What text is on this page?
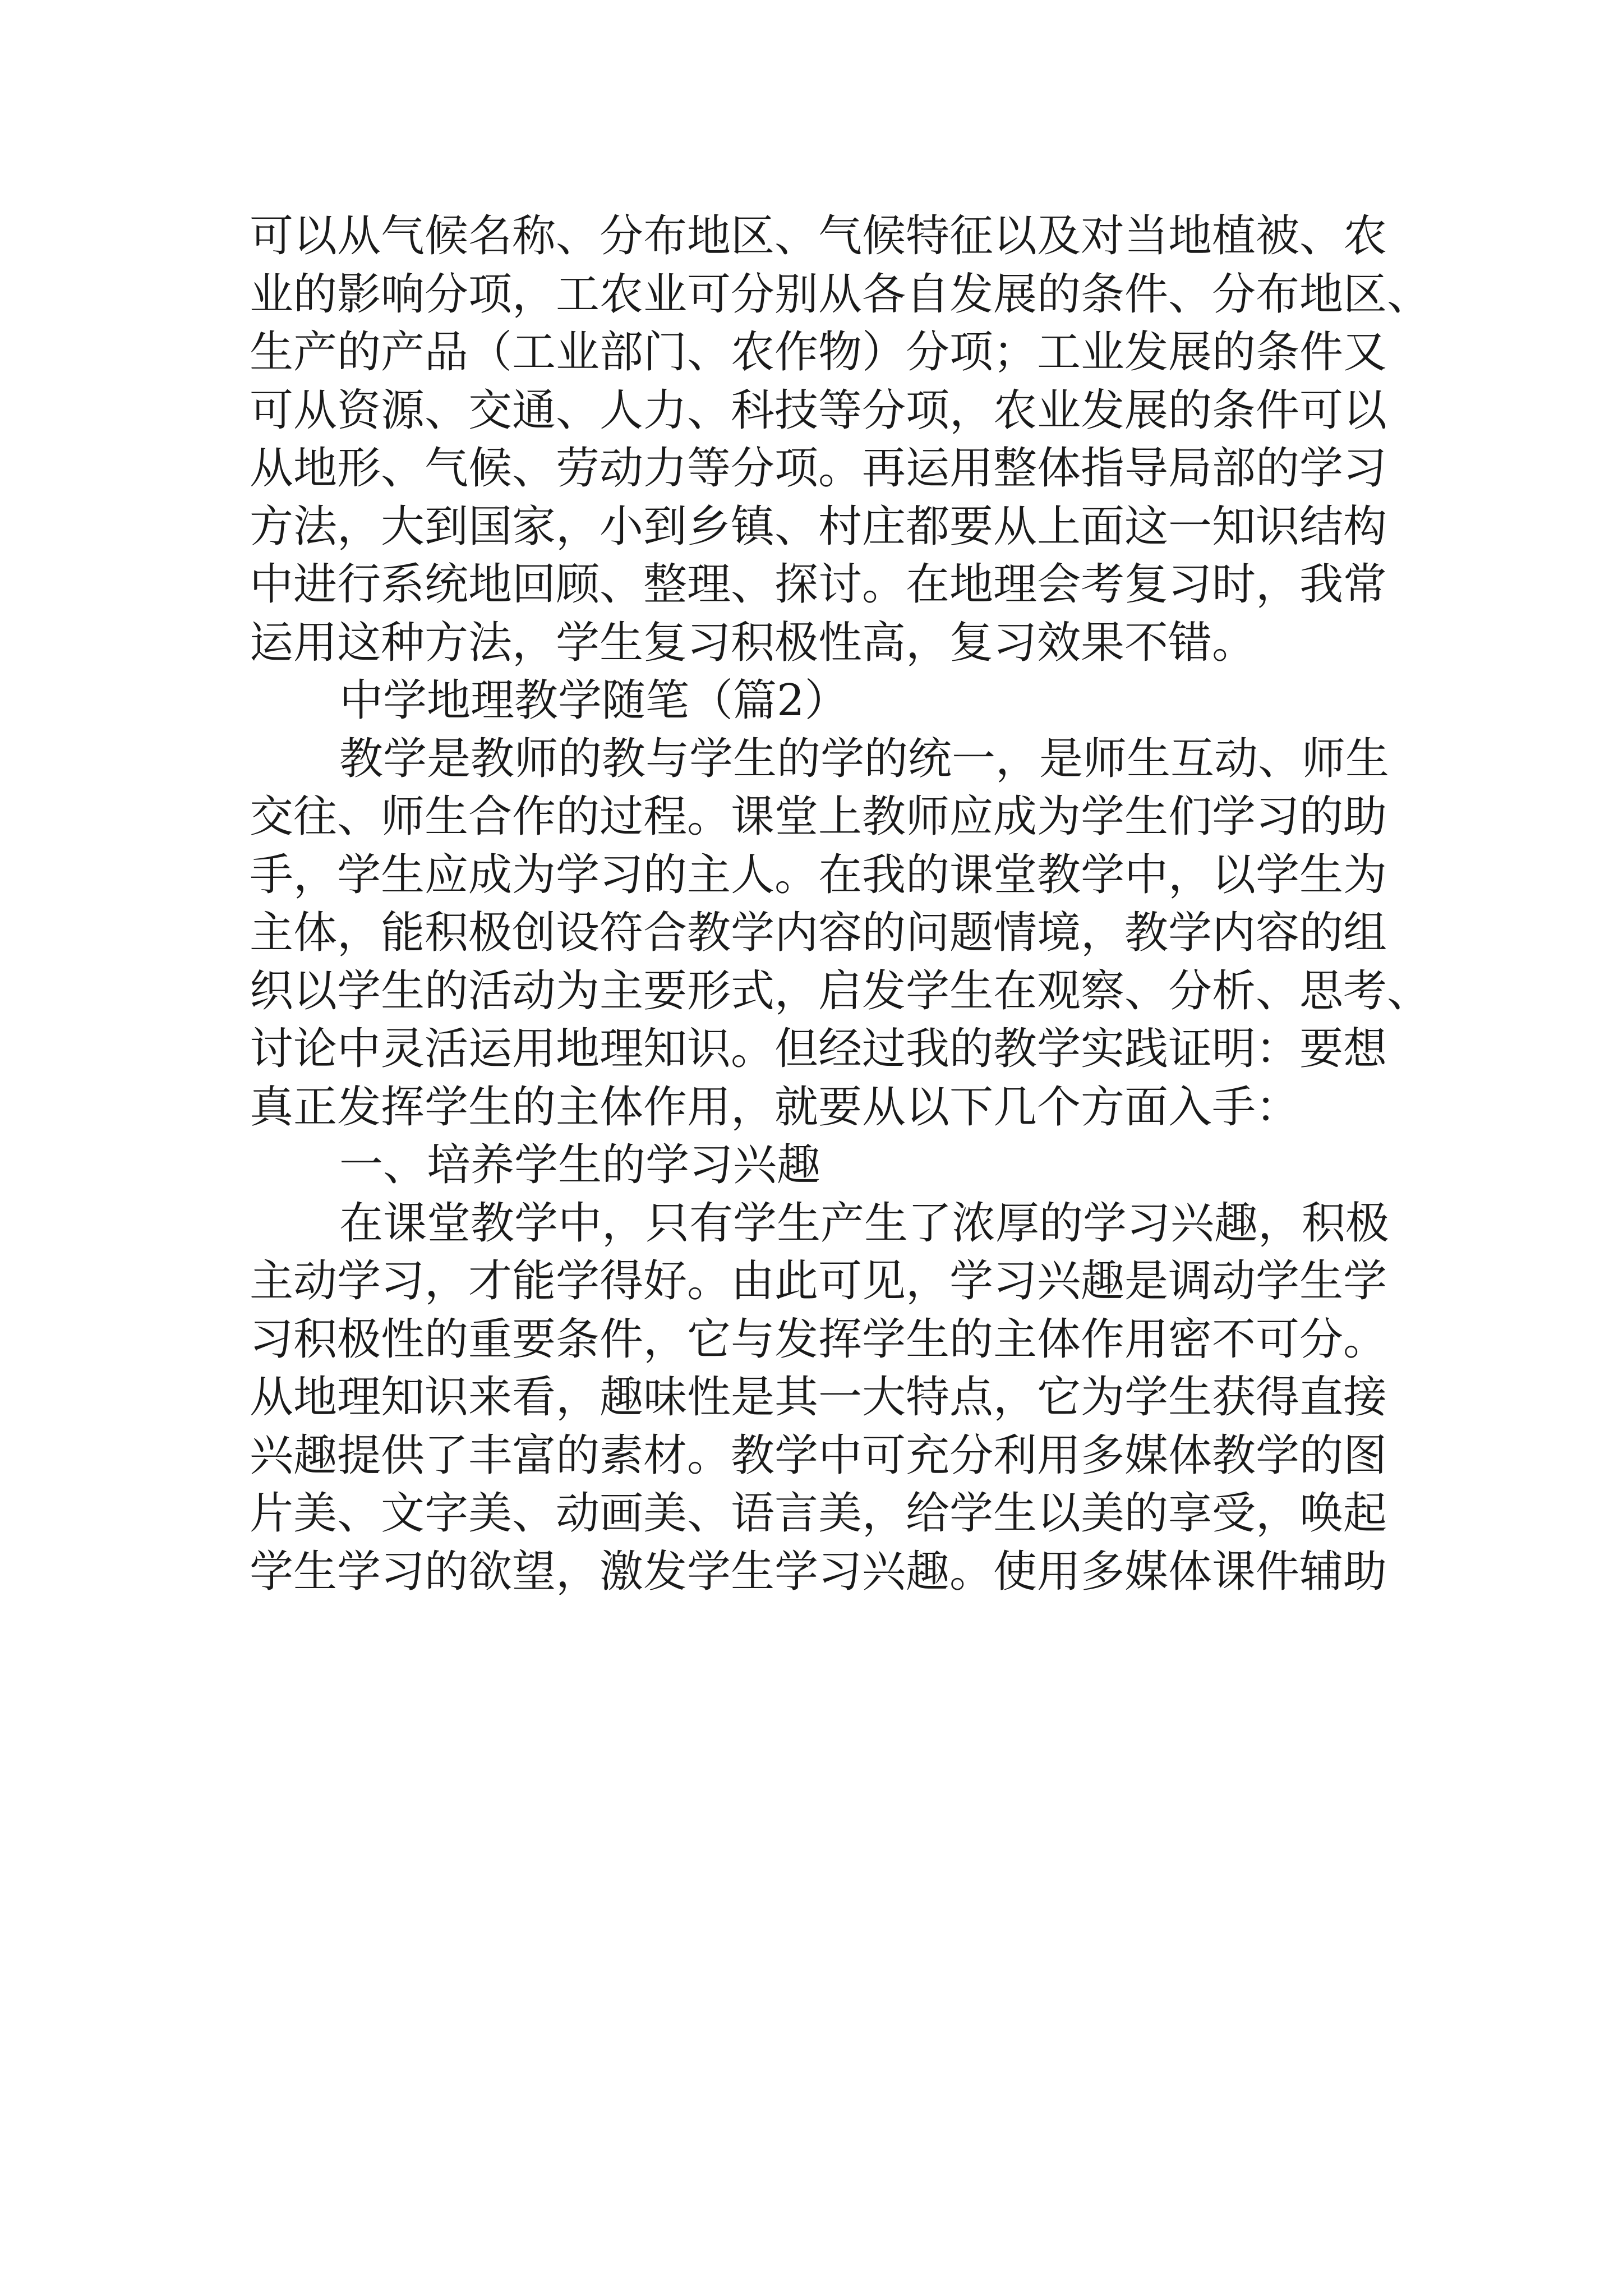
可以从气候名称、分布地区、气候特征以及对当地植被、农
业的影响分项，工农业可分别从各自发展的条件、分布地区、
生产的产品（工业部门、农作物）分项；工业发展的条件又
可从资源、交通、人力、科技等分项，农业发展的条件可以
从地形、气候、劳动力等分项。再运用整体指导局部的学习
方法，大到国家，小到乡镇、村庄都要从上面这一知识结构
中进行系统地回顾、整理、探讨。在地理会考复习时，我常
运用这种方法，学生复习积极性高，复习效果不错。
中学地理教学随笔（篇2）
教学是教师的教与学生的学的统一，是师生互动、师生
交往、师生合作的过程。课堂上教师应成为学生们学习的助
手，学生应成为学习的主人。在我的课堂教学中，以学生为
主体，能积极创设符合教学内容的问题情境，教学内容的组
织以学生的活动为主要形式，启发学生在观察、分析、思考、
讨论中灵活运用地理知识。但经过我的教学实践证明：要想
真正发挥学生的主体作用，就要从以下几个方面入手：
一、培养学生的学习兴趣
在课堂教学中，只有学生产生了浓厚的学习兴趣，积极
主动学习，才能学得好。由此可见，学习兴趣是调动学生学
习积极性的重要条件，它与发挥学生的主体作用密不可分。
从地理知识来看，趣味性是其一大特点，它为学生获得直接
兴趣提供了丰富的素材。教学中可充分利用多媒体教学的图
片美、文字美、动画美、语言美，给学生以美的享受，唤起
学生学习的欲望，激发学生学习兴趣。使用多媒体课件辅助
